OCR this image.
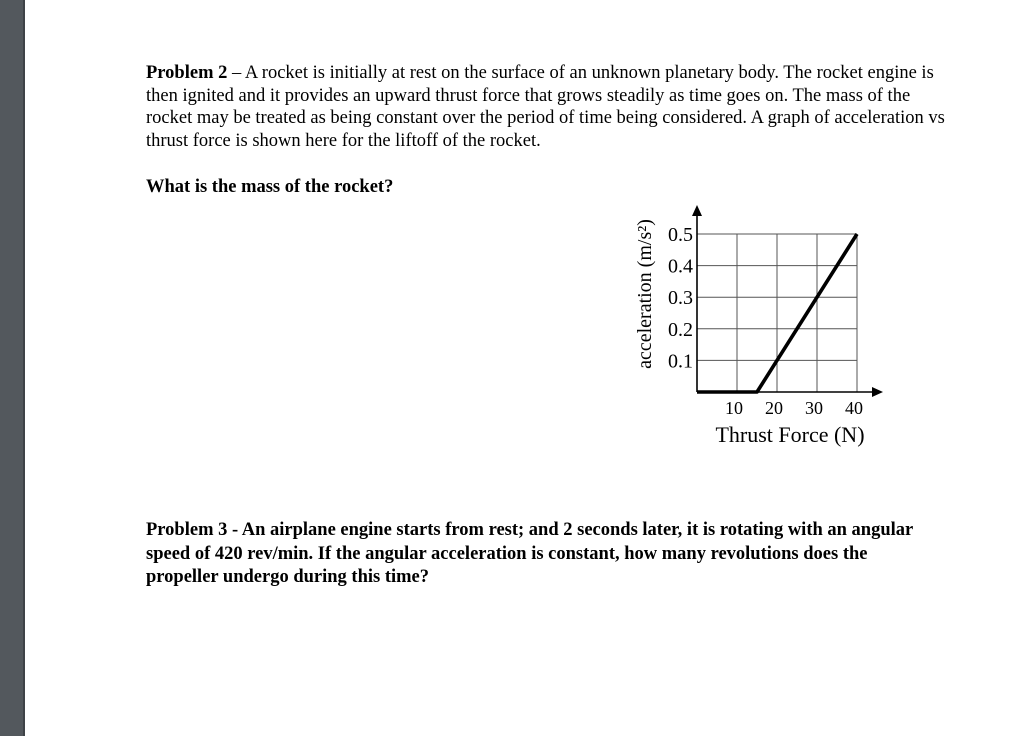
Problem 2 – A rocket is initially at rest on the surface of an unknown planetary body. The rocket engine is then ignited and it provides an upward thrust force that grows steadily as time goes on. The mass of the rocket may be treated as being constant over the period of time being considered. A graph of acceleration vs thrust force is shown here for the liftoff of the rocket.

What is the mass of the rocket?

0.1
0.2
0.3
0.4
0.5
10 20 30 40
acceleration (m/s²)
Thrust Force (N)

Problem 3 - An airplane engine starts from rest; and 2 seconds later, it is rotating with an angular speed of 420 rev/min. If the angular acceleration is constant, how many revolutions does the propeller undergo during this time?
